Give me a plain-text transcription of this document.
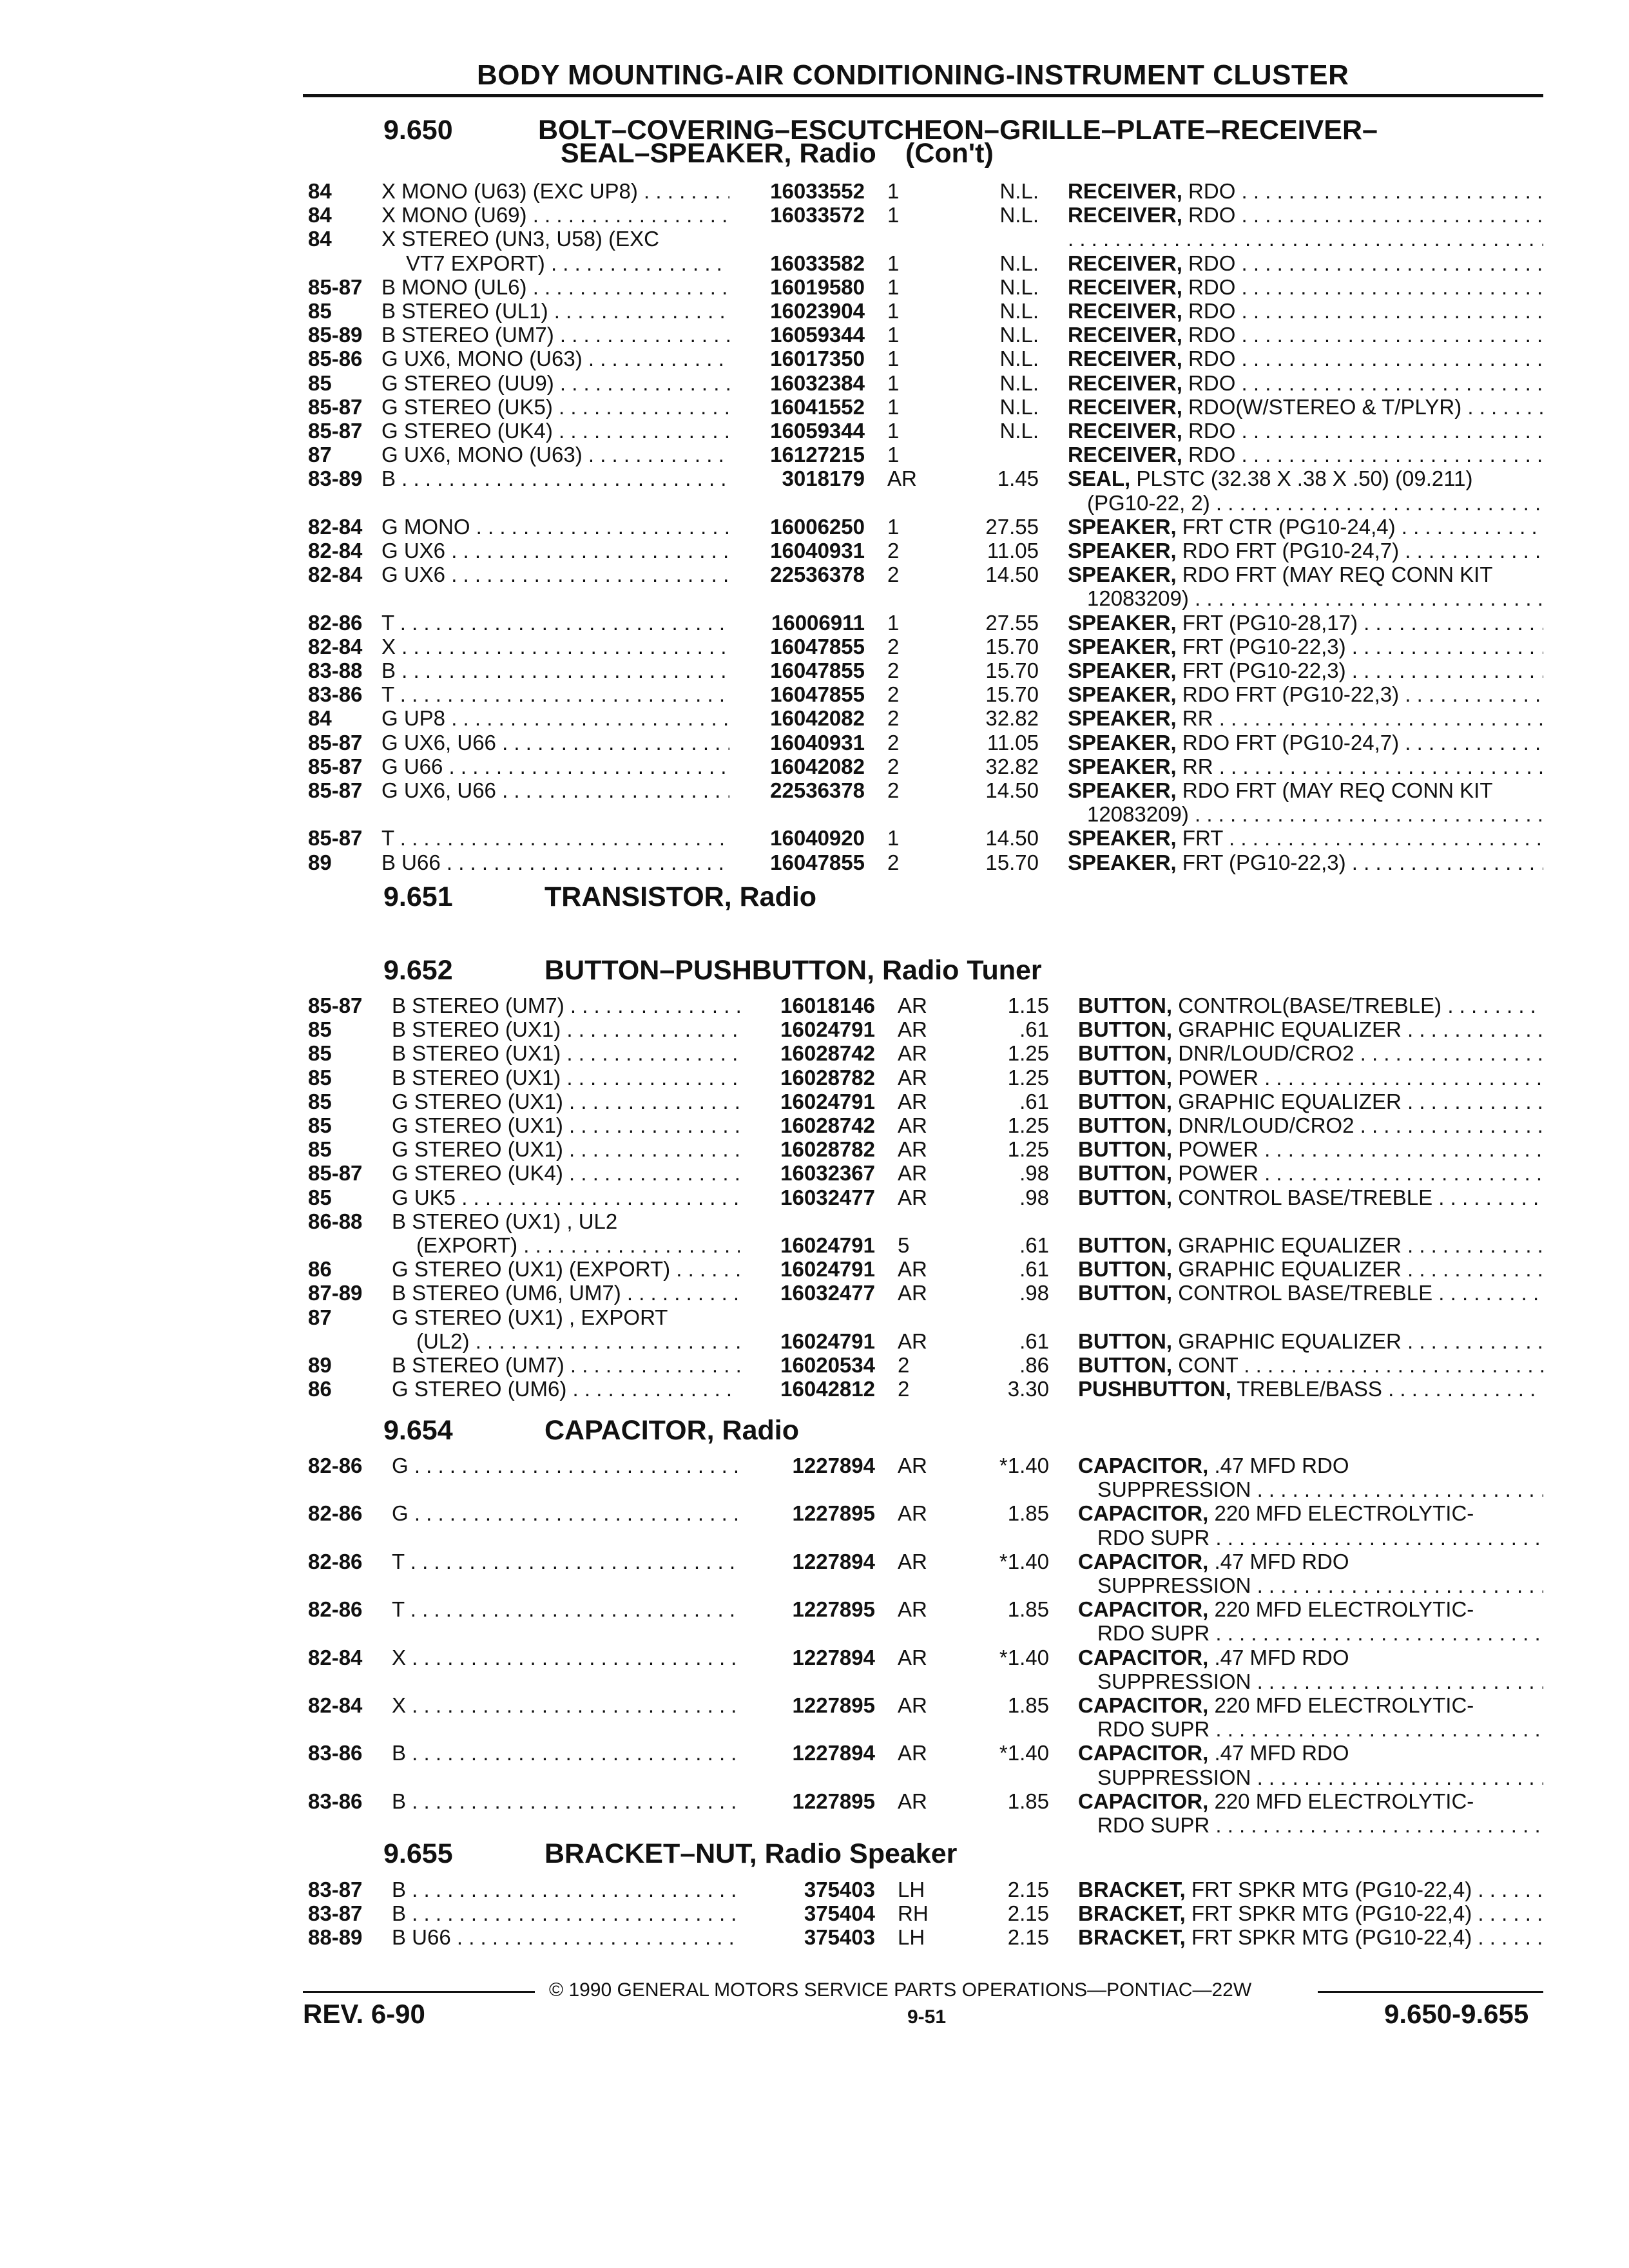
BODY MOUNTING-AIR CONDITIONING-INSTRUMENT CLUSTER
9.650	BOLT–COVERING–ESCUTCHEON–GRILLE–PLATE–RECEIVER–
SEAL–SPEAKER, Radio (Con't)
84 X MONO (U63) (EXC UP8) . . .	16033552 1	N.L. RECEIVER, RDO . . .
84 X MONO (U69) . . .	16033572 1	N.L. RECEIVER, RDO . . .
84 X STEREO (UN3, U58) (EXC
. . .
VT7 EXPORT) . . .	16033582 1	N.L. RECEIVER, RDO . . .
85-87 B MONO (UL6) . . .	16019580 1	N.L. RECEIVER, RDO . . .
85 B STEREO (UL1) . . .	16023904 1	N.L. RECEIVER, RDO . . .
85-89 B STEREO (UM7) . . .	16059344 1	N.L. RECEIVER, RDO . . .
85-86 G UX6, MONO (U63) . . .	16017350 1	N.L. RECEIVER, RDO . . .
85 G STEREO (UU9) . . .	16032384 1	N.L. RECEIVER, RDO . . .
85-87 G STEREO (UK5) . . .	16041552 1	N.L. RECEIVER, RDO(W/STEREO & T/PLYR) . . .
85-87 G STEREO (UK4) . . .	16059344 1	N.L. RECEIVER, RDO . . .
87 G UX6, MONO (U63) . . .	16127215 1	RECEIVER, RDO . . .
83-89 B . . .	3018179 AR	1.45 SEAL, PLSTC (32.38 X .38 X .50) (09.211)
(PG10-22, 2) . . .
82-84 G MONO . . .	16006250 1	27.55 SPEAKER, FRT CTR (PG10-24,4) . . .
82-84 G UX6 . . .	16040931 2	11.05 SPEAKER, RDO FRT (PG10-24,7) . . .
82-84 G UX6 . . .	22536378 2	14.50 SPEAKER, RDO FRT (MAY REQ CONN KIT
12083209) . . .
82-86 T . . .	16006911 1	27.55 SPEAKER, FRT (PG10-28,17) . . .
82-84 X . . .	16047855 2	15.70 SPEAKER, FRT (PG10-22,3) . . .
83-88 B . . .	16047855 2	15.70 SPEAKER, FRT (PG10-22,3) . . .
83-86 T . . .	16047855 2	15.70 SPEAKER, RDO FRT (PG10-22,3) . . .
84 G UP8 . . .	16042082 2	32.82 SPEAKER, RR . . .
85-87 G UX6, U66 . . .	16040931 2	11.05 SPEAKER, RDO FRT (PG10-24,7) . . .
85-87 G U66 . . .	16042082 2	32.82 SPEAKER, RR . . .
85-87 G UX6, U66 . . .	22536378 2	14.50 SPEAKER, RDO FRT (MAY REQ CONN KIT
12083209) . . .
85-87 T . . .	16040920 1	14.50 SPEAKER, FRT . . .
89 B U66 . . .	16047855 2	15.70 SPEAKER, FRT (PG10-22,3) . . .
9.651	TRANSISTOR, Radio
9.652	BUTTON–PUSHBUTTON, Radio Tuner
85-87 B STEREO (UM7) . . .	16018146 AR	1.15 BUTTON, CONTROL(BASE/TREBLE) . . .
85	B STEREO (UX1) . . .	16024791 AR	.61 BUTTON, GRAPHIC EQUALIZER . . .
85	B STEREO (UX1) . . .	16028742 AR	1.25 BUTTON, DNR/LOUD/CRO2 . . .
85	B STEREO (UX1) . . .	16028782 AR	1.25 BUTTON, POWER . . .
85	G STEREO (UX1) . . .	16024791 AR	.61 BUTTON, GRAPHIC EQUALIZER . . .
85	G STEREO (UX1) . . .	16028742 AR	1.25 BUTTON, DNR/LOUD/CRO2 . . .
85	G STEREO (UX1) . . .	16028782 AR	1.25 BUTTON, POWER . . .
85-87 G STEREO (UK4) . . .	16032367 AR	.98 BUTTON, POWER . . .
85	G UK5 . . .	16032477 AR	.98 BUTTON, CONTROL BASE/TREBLE . . .
86-88 B STEREO (UX1) , UL2
(EXPORT) . . .	16024791 5	.61 BUTTON, GRAPHIC EQUALIZER . . .
86	G STEREO (UX1) (EXPORT) . . .	16024791 AR	.61 BUTTON, GRAPHIC EQUALIZER . . .
87-89 B STEREO (UM6, UM7) . . .	16032477 AR	.98 BUTTON, CONTROL BASE/TREBLE . . .
87	G STEREO (UX1) , EXPORT
(UL2) . . .	16024791 AR	.61 BUTTON, GRAPHIC EQUALIZER . . .
89	B STEREO (UM7) . . .	16020534 2	.86 BUTTON, CONT . . .
86	G STEREO (UM6) . . .	16042812 2	3.30 PUSHBUTTON, TREBLE/BASS . . .
9.654	CAPACITOR, Radio
82-86 G . . .	1227894 AR	*1.40 CAPACITOR, .47 MFD RDO
SUPPRESSION . . .
82-86 G . . .	1227895 AR	1.85 CAPACITOR, 220 MFD ELECTROLYTIC-
RDO SUPR . . .
82-86 T . . .	1227894 AR	*1.40 CAPACITOR, .47 MFD RDO
SUPPRESSION . . .
82-86 T . . .	1227895 AR	1.85 CAPACITOR, 220 MFD ELECTROLYTIC-
RDO SUPR . . .
82-84 X . . .	1227894 AR	*1.40 CAPACITOR, .47 MFD RDO
SUPPRESSION . . .
82-84 X . . .	1227895 AR	1.85 CAPACITOR, 220 MFD ELECTROLYTIC-
RDO SUPR . . .
83-86 B . . .	1227894 AR	*1.40 CAPACITOR, .47 MFD RDO
SUPPRESSION . . .
83-86 B . . .	1227895 AR	1.85 CAPACITOR, 220 MFD ELECTROLYTIC-
RDO SUPR . . .
9.655	BRACKET–NUT, Radio Speaker
83-87 B . . .	375403 LH	2.15 BRACKET, FRT SPKR MTG (PG10-22,4) . . .
83-87 B . . .	375404 RH	2.15 BRACKET, FRT SPKR MTG (PG10-22,4) . . .
88-89 B U66 . . .	375403 LH	2.15 BRACKET, FRT SPKR MTG (PG10-22,4) . . .
© 1990 GENERAL MOTORS SERVICE PARTS OPERATIONS—PONTIAC—22W
REV. 6-90	9-51	9.650-9.655
